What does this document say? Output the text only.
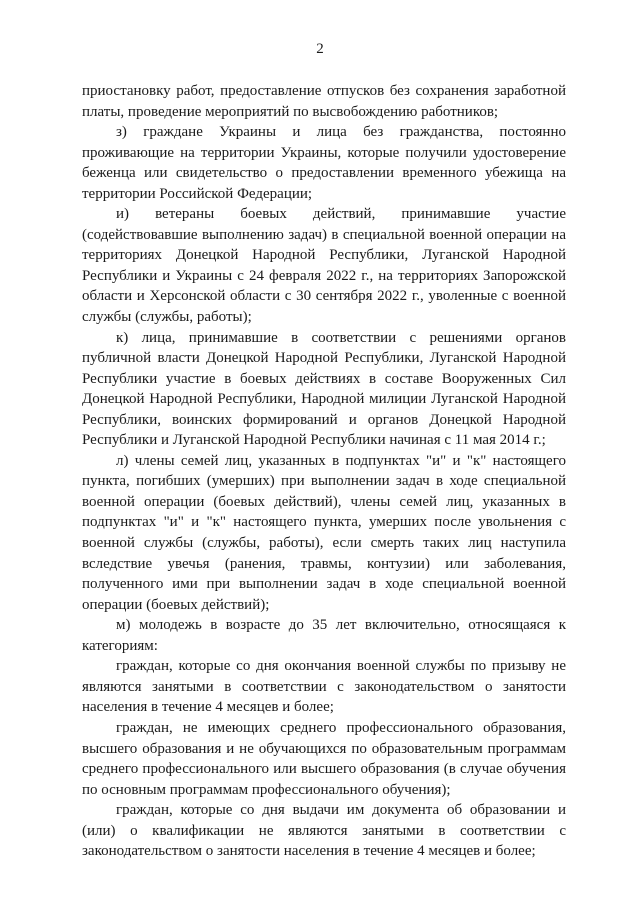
2

приостановку работ, предоставление отпусков без сохранения заработной платы, проведение мероприятий по высвобождению работников;

з) граждане Украины и лица без гражданства, постоянно проживающие на территории Украины, которые получили удостоверение беженца или свидетельство о предоставлении временного убежища на территории Российской Федерации;

и) ветераны боевых действий, принимавшие участие (содействовавшие выполнению задач) в специальной военной операции на территориях Донецкой Народной Республики, Луганской Народной Республики и Украины с 24 февраля 2022 г., на территориях Запорожской области и Херсонской области с 30 сентября 2022 г., уволенные с военной службы (службы, работы);

к) лица, принимавшие в соответствии с решениями органов публичной власти Донецкой Народной Республики, Луганской Народной Республики участие в боевых действиях в составе Вооруженных Сил Донецкой Народной Республики, Народной милиции Луганской Народной Республики, воинских формирований и органов Донецкой Народной Республики и Луганской Народной Республики начиная с 11 мая 2014 г.;

л) члены семей лиц, указанных в подпунктах "и" и "к" настоящего пункта, погибших (умерших) при выполнении задач в ходе специальной военной операции (боевых действий), члены семей лиц, указанных в подпунктах "и" и "к" настоящего пункта, умерших после увольнения с военной службы (службы, работы), если смерть таких лиц наступила вследствие увечья (ранения, травмы, контузии) или заболевания, полученного ими при выполнении задач в ходе специальной военной операции (боевых действий);

м) молодежь в возрасте до 35 лет включительно, относящаяся к категориям:

граждан, которые со дня окончания военной службы по призыву не являются занятыми в соответствии с законодательством о занятости населения в течение 4 месяцев и более;

граждан, не имеющих среднего профессионального образования, высшего образования и не обучающихся по образовательным программам среднего профессионального или высшего образования (в случае обучения по основным программам профессионального обучения);

граждан, которые со дня выдачи им документа об образовании и (или) о квалификации не являются занятыми в соответствии с законодательством о занятости населения в течение 4 месяцев и более;
